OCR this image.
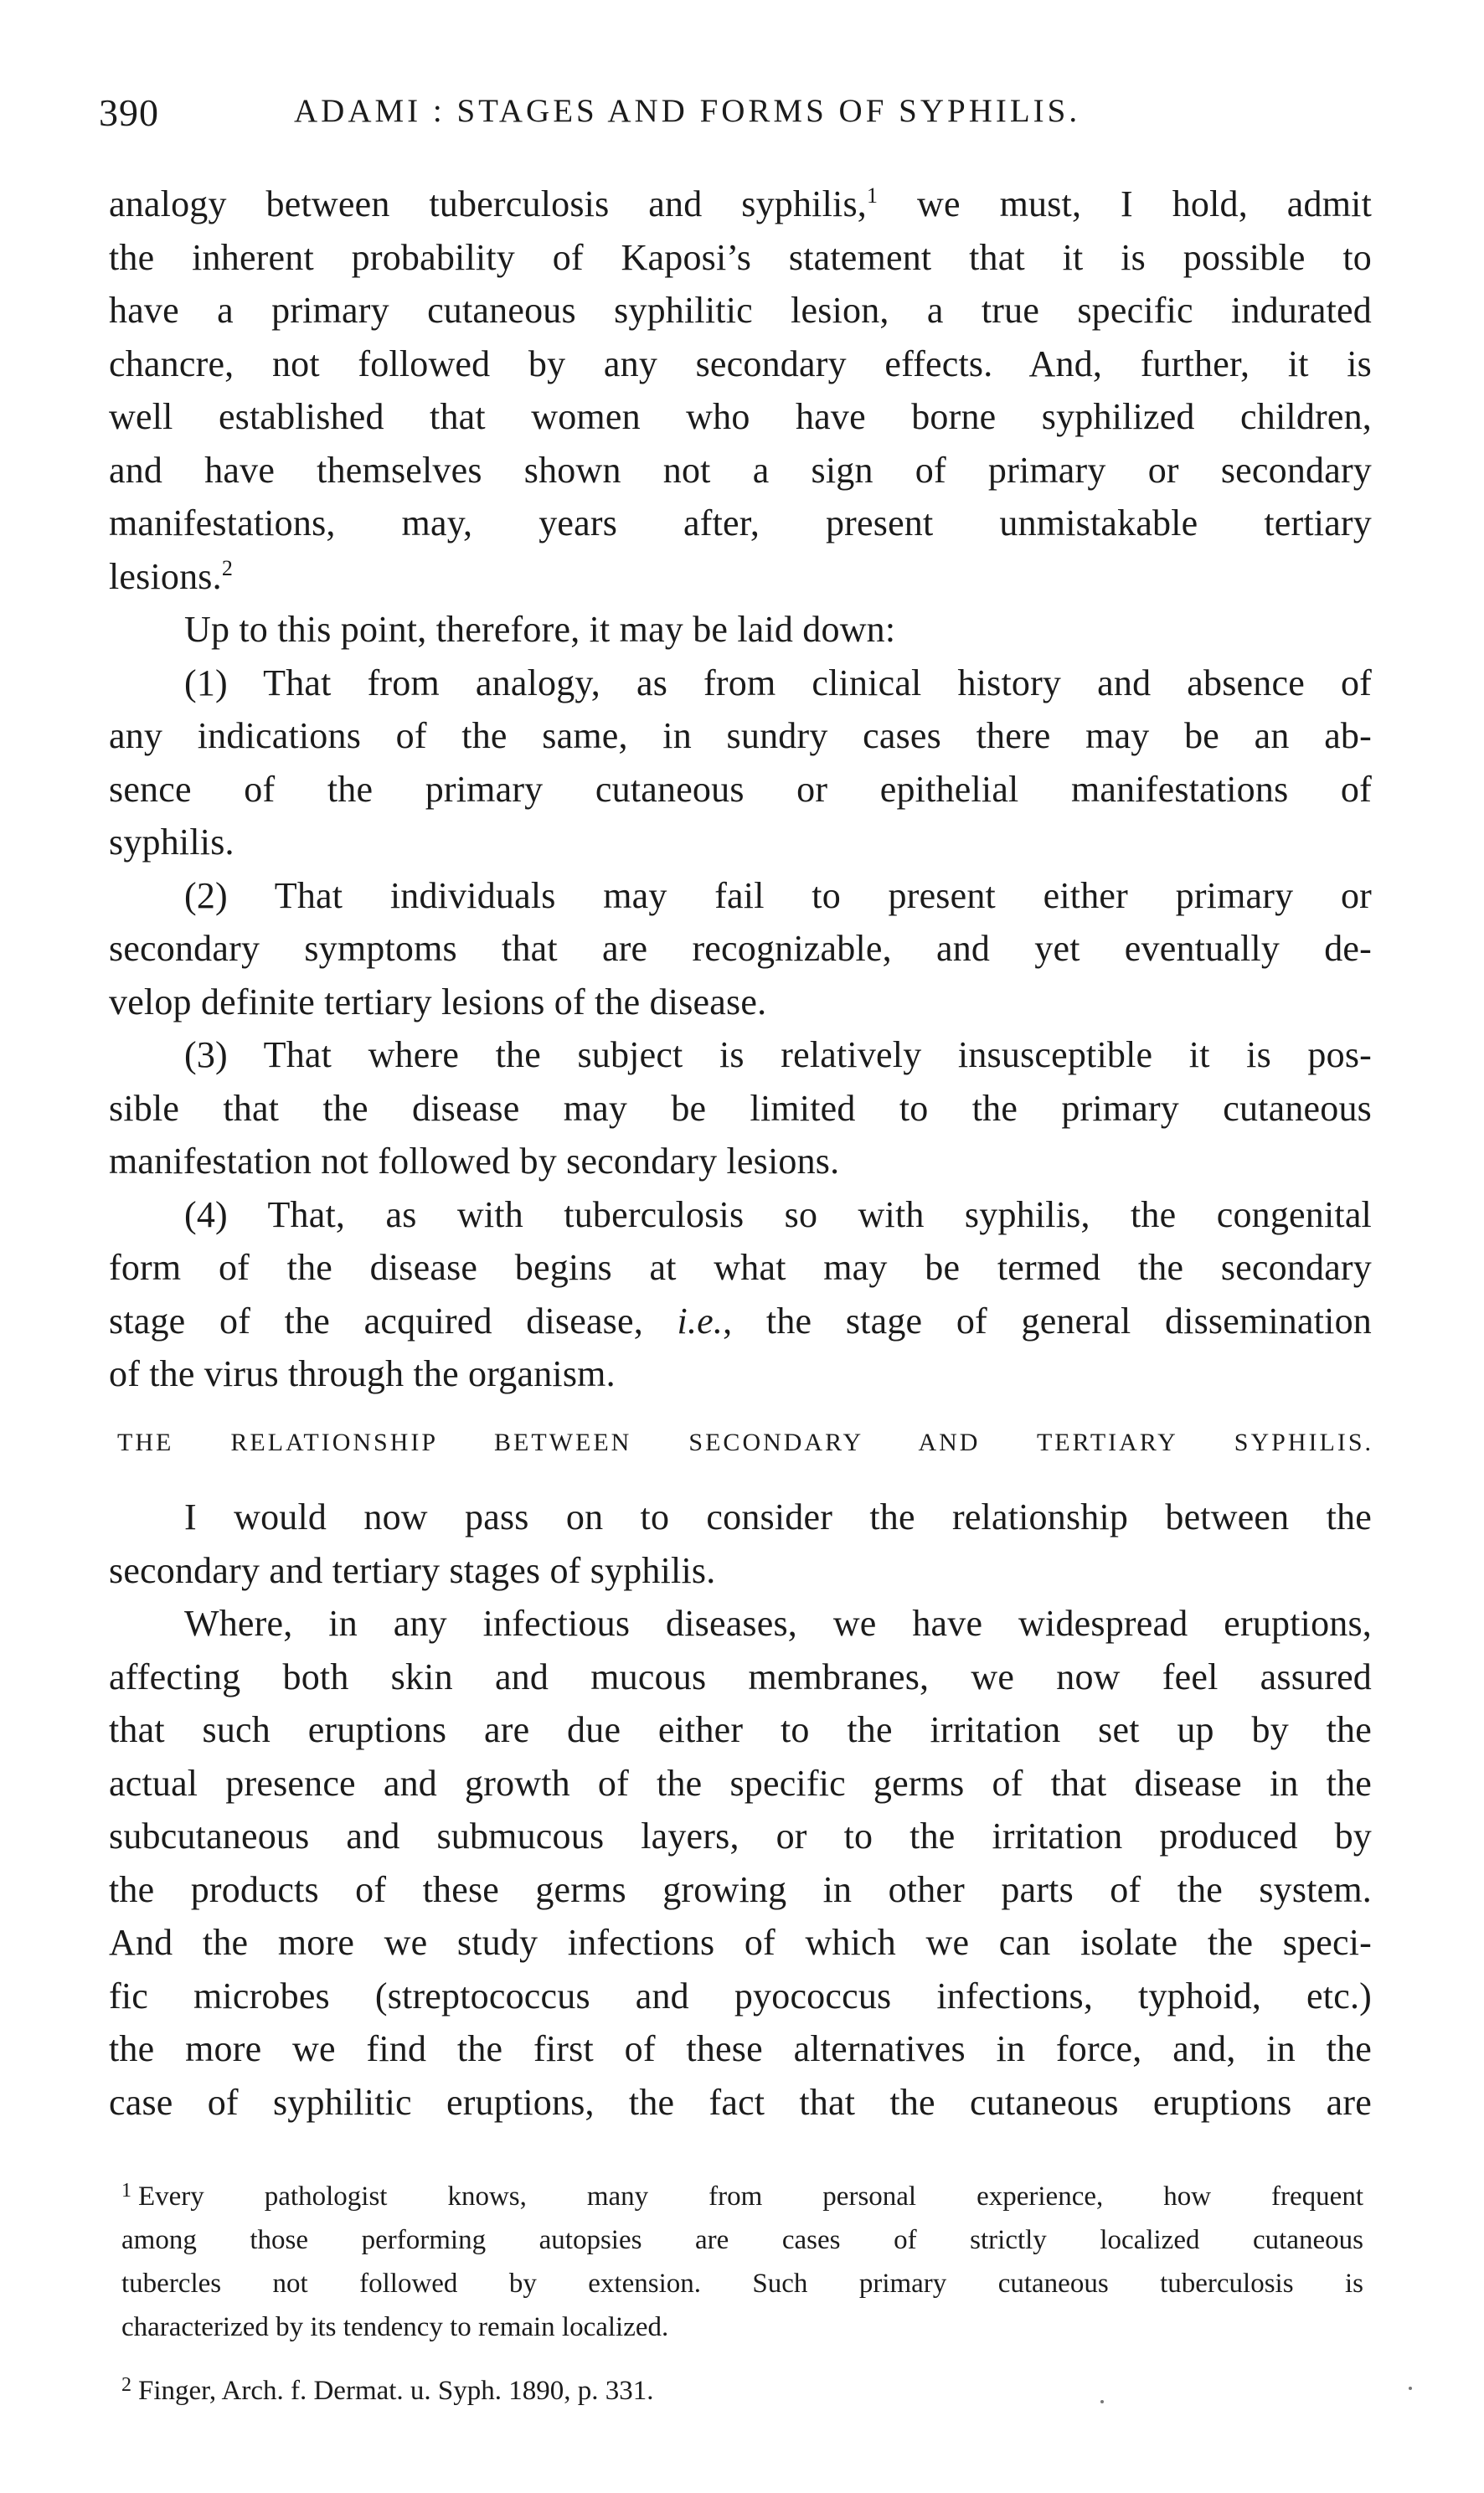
390	ADAMI : STAGES AND FORMS OF SYPHILIS.
analogy between tuberculosis and syphilis,$^1$ we must, I hold, admit
the inherent probability of Kaposi’s statement that it is possible to
have a primary cutaneous syphilitic lesion, a true specific indurated
chancre, not followed by any secondary effects. And, further, it is
well established that women who have borne syphilized children,
and have themselves shown not a sign of primary or secondary
manifestations, may, years after, present unmistakable tertiary
lesions.$^2$
Up to this point, therefore, it may be laid down:
(1) That from analogy, as from clinical history and absence of
any indications of the same, in sundry cases there may be an ab-
sence of the primary cutaneous or epithelial manifestations of
syphilis.
(2) That individuals may fail to present either primary or
secondary symptoms that are recognizable, and yet eventually de-
velop definite tertiary lesions of the disease.
(3) That where the subject is relatively insusceptible it is pos-
sible that the disease may be limited to the primary cutaneous
manifestation not followed by secondary lesions.
(4) That, as with tuberculosis so with syphilis, the congenital
form of the disease begins at what may be termed the secondary
stage of the acquired disease, i.e., the stage of general dissemination
of the virus through the organism.
THE RELATIONSHIP BETWEEN SECONDARY AND TERTIARY SYPHILIS.
I would now pass on to consider the relationship between the
secondary and tertiary stages of syphilis.
Where, in any infectious diseases, we have widespread eruptions,
affecting both skin and mucous membranes, we now feel assured
that such eruptions are due either to the irritation set up by the
actual presence and growth of the specific germs of that disease in the
subcutaneous and submucous layers, or to the irritation produced by
the products of these germs growing in other parts of the system.
And the more we study infections of which we can isolate the speci-
fic microbes (streptococcus and pyococcus infections, typhoid, etc.)
the more we find the first of these alternatives in force, and, in the
case of syphilitic eruptions, the fact that the cutaneous eruptions are
$^1$ Every pathologist knows, many from personal experience, how frequent
among those performing autopsies are cases of strictly localized cutaneous
tubercles not followed by extension. Such primary cutaneous tuberculosis is
characterized by its tendency to remain localized.
$^2$ Finger, Arch. f. Dermat. u. Syph. 1890, p. 331.
